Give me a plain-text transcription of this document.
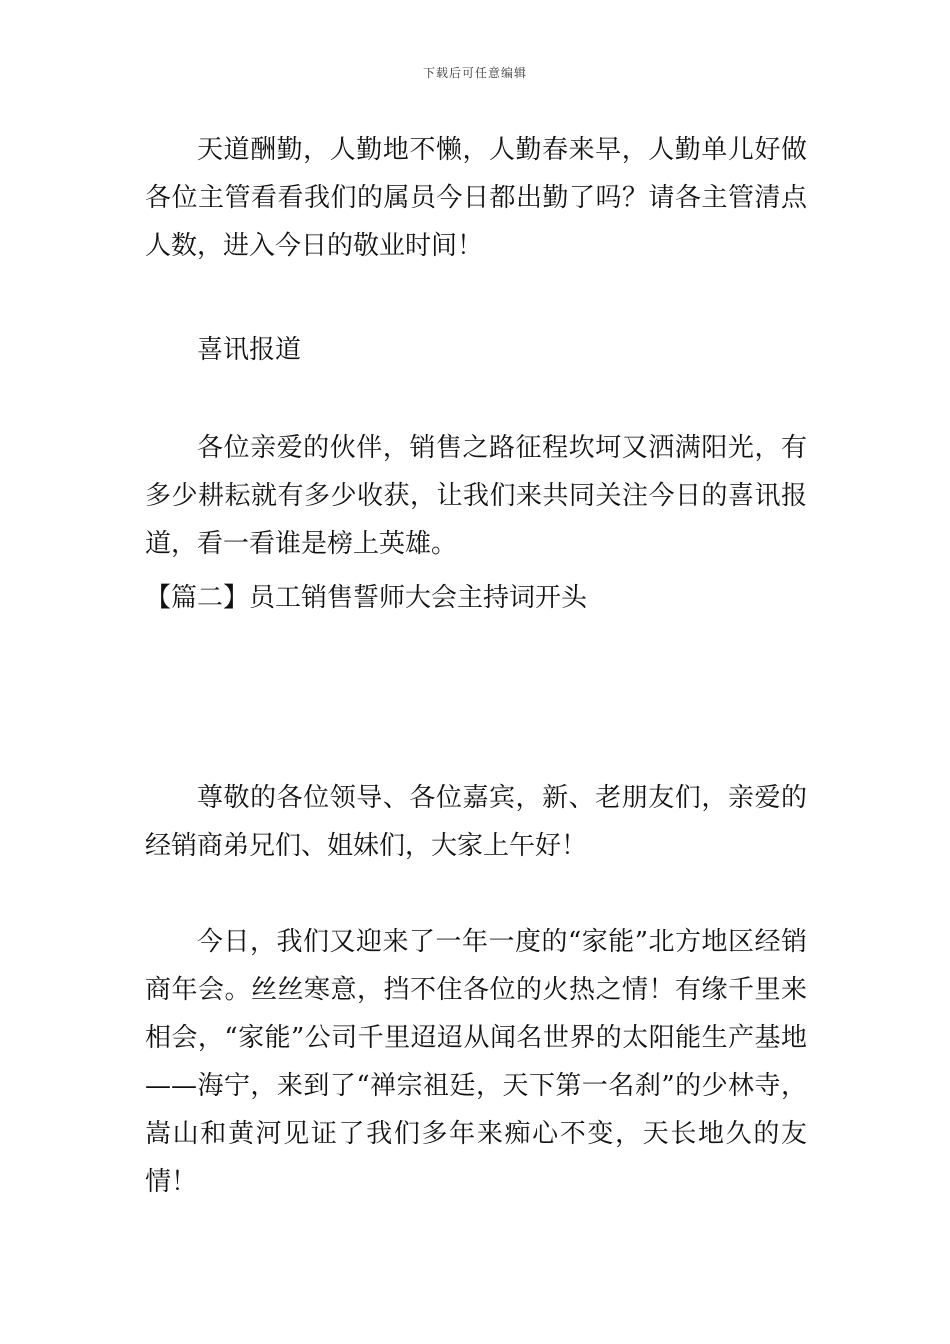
下载后可任意编辑

天道酬勤，人勤地不懒，人勤春来早，人勤单儿好做各位主管看看我们的属员今日都出勤了吗？请各主管清点人数，进入今日的敬业时间！

喜讯报道

各位亲爱的伙伴，销售之路征程坎坷又洒满阳光，有多少耕耘就有多少收获，让我们来共同关注今日的喜讯报道，看一看谁是榜上英雄。

【篇二】员工销售誓师大会主持词开头

尊敬的各位领导、各位嘉宾，新、老朋友们，亲爱的经销商弟兄们、姐妹们，大家上午好！

今日，我们又迎来了一年一度的“家能”北方地区经销商年会。丝丝寒意，挡不住各位的火热之情！有缘千里来相会，“家能”公司千里迢迢从闻名世界的太阳能生产基地——海宁，来到了“禅宗祖廷，天下第一名刹”的少林寺，嵩山和黄河见证了我们多年来痴心不变，天长地久的友情！
